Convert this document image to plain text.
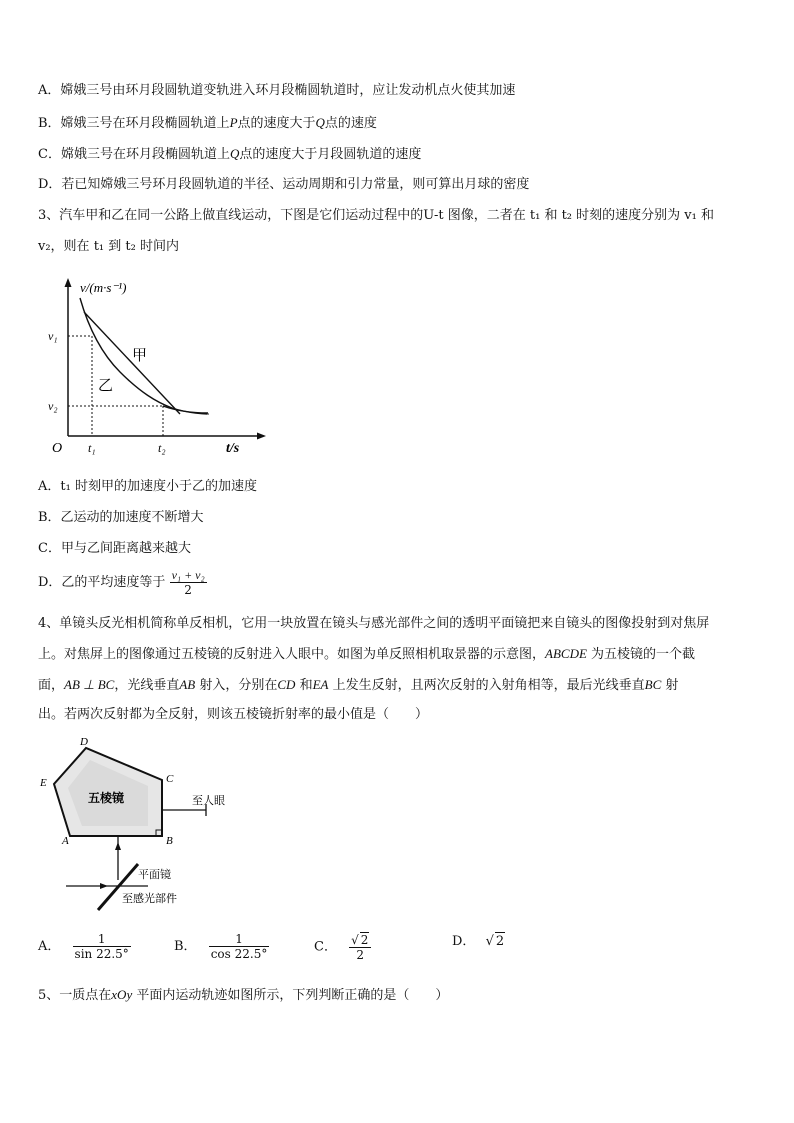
A．嫦娥三号由环月段圆轨道变轨进入环月段椭圆轨道时，应让发动机点火使其加速
B．嫦娥三号在环月段椭圆轨道上P点的速度大于Q点的速度
C．嫦娥三号在环月段椭圆轨道上Q点的速度大于月段圆轨道的速度
D．若已知嫦娥三号环月段圆轨道的半径、运动周期和引力常量，则可算出月球的密度
3、汽车甲和乙在同一公路上做直线运动，下图是它们运动过程中的U-t 图像，二者在 t₁ 和 t₂ 时刻的速度分别为 v₁ 和
v₂，则在 t₁ 到 t₂ 时间内
v/(m·s⁻¹)
v₁
v₂
O t₁	t₂	t/s
甲
乙
A．t₁ 时刻甲的加速度小于乙的加速度
B．乙运动的加速度不断增大
C．甲与乙间距离越来越大
D．乙的平均速度等于 $\frac{\text{v₁ + v₂}}{2}$
4、单镜头反光相机简称单反相机，它用一块放置在镜头与感光部件之间的透明平面镜把来自镜头的图像投射到对焦屏
上。对焦屏上的图像通过五棱镜的反射进入人眼中。如图为单反照相机取景器的示意图，ABCDE 为五棱镜的一个截
面，AB ⊥ BC，光线垂直AB 射入，分别在CD 和EA 上发生反射，且两次反射的入射角相等，最后光线垂直BC 射
出。若两次反射都为全反射，则该五棱镜折射率的最小值是（　　）
A	B
C
D
E
五棱镜	至人眼
平面镜
至感光部件
A． $\frac{1}{\sin 22.5^\circ}$	B． $\frac{1}{\cos 22.5^\circ}$	C． $\frac{√ 2}{2}$	D． √ 2
5、一质点在xOy 平面内运动轨迹如图所示，下列判断正确的是（　　）
